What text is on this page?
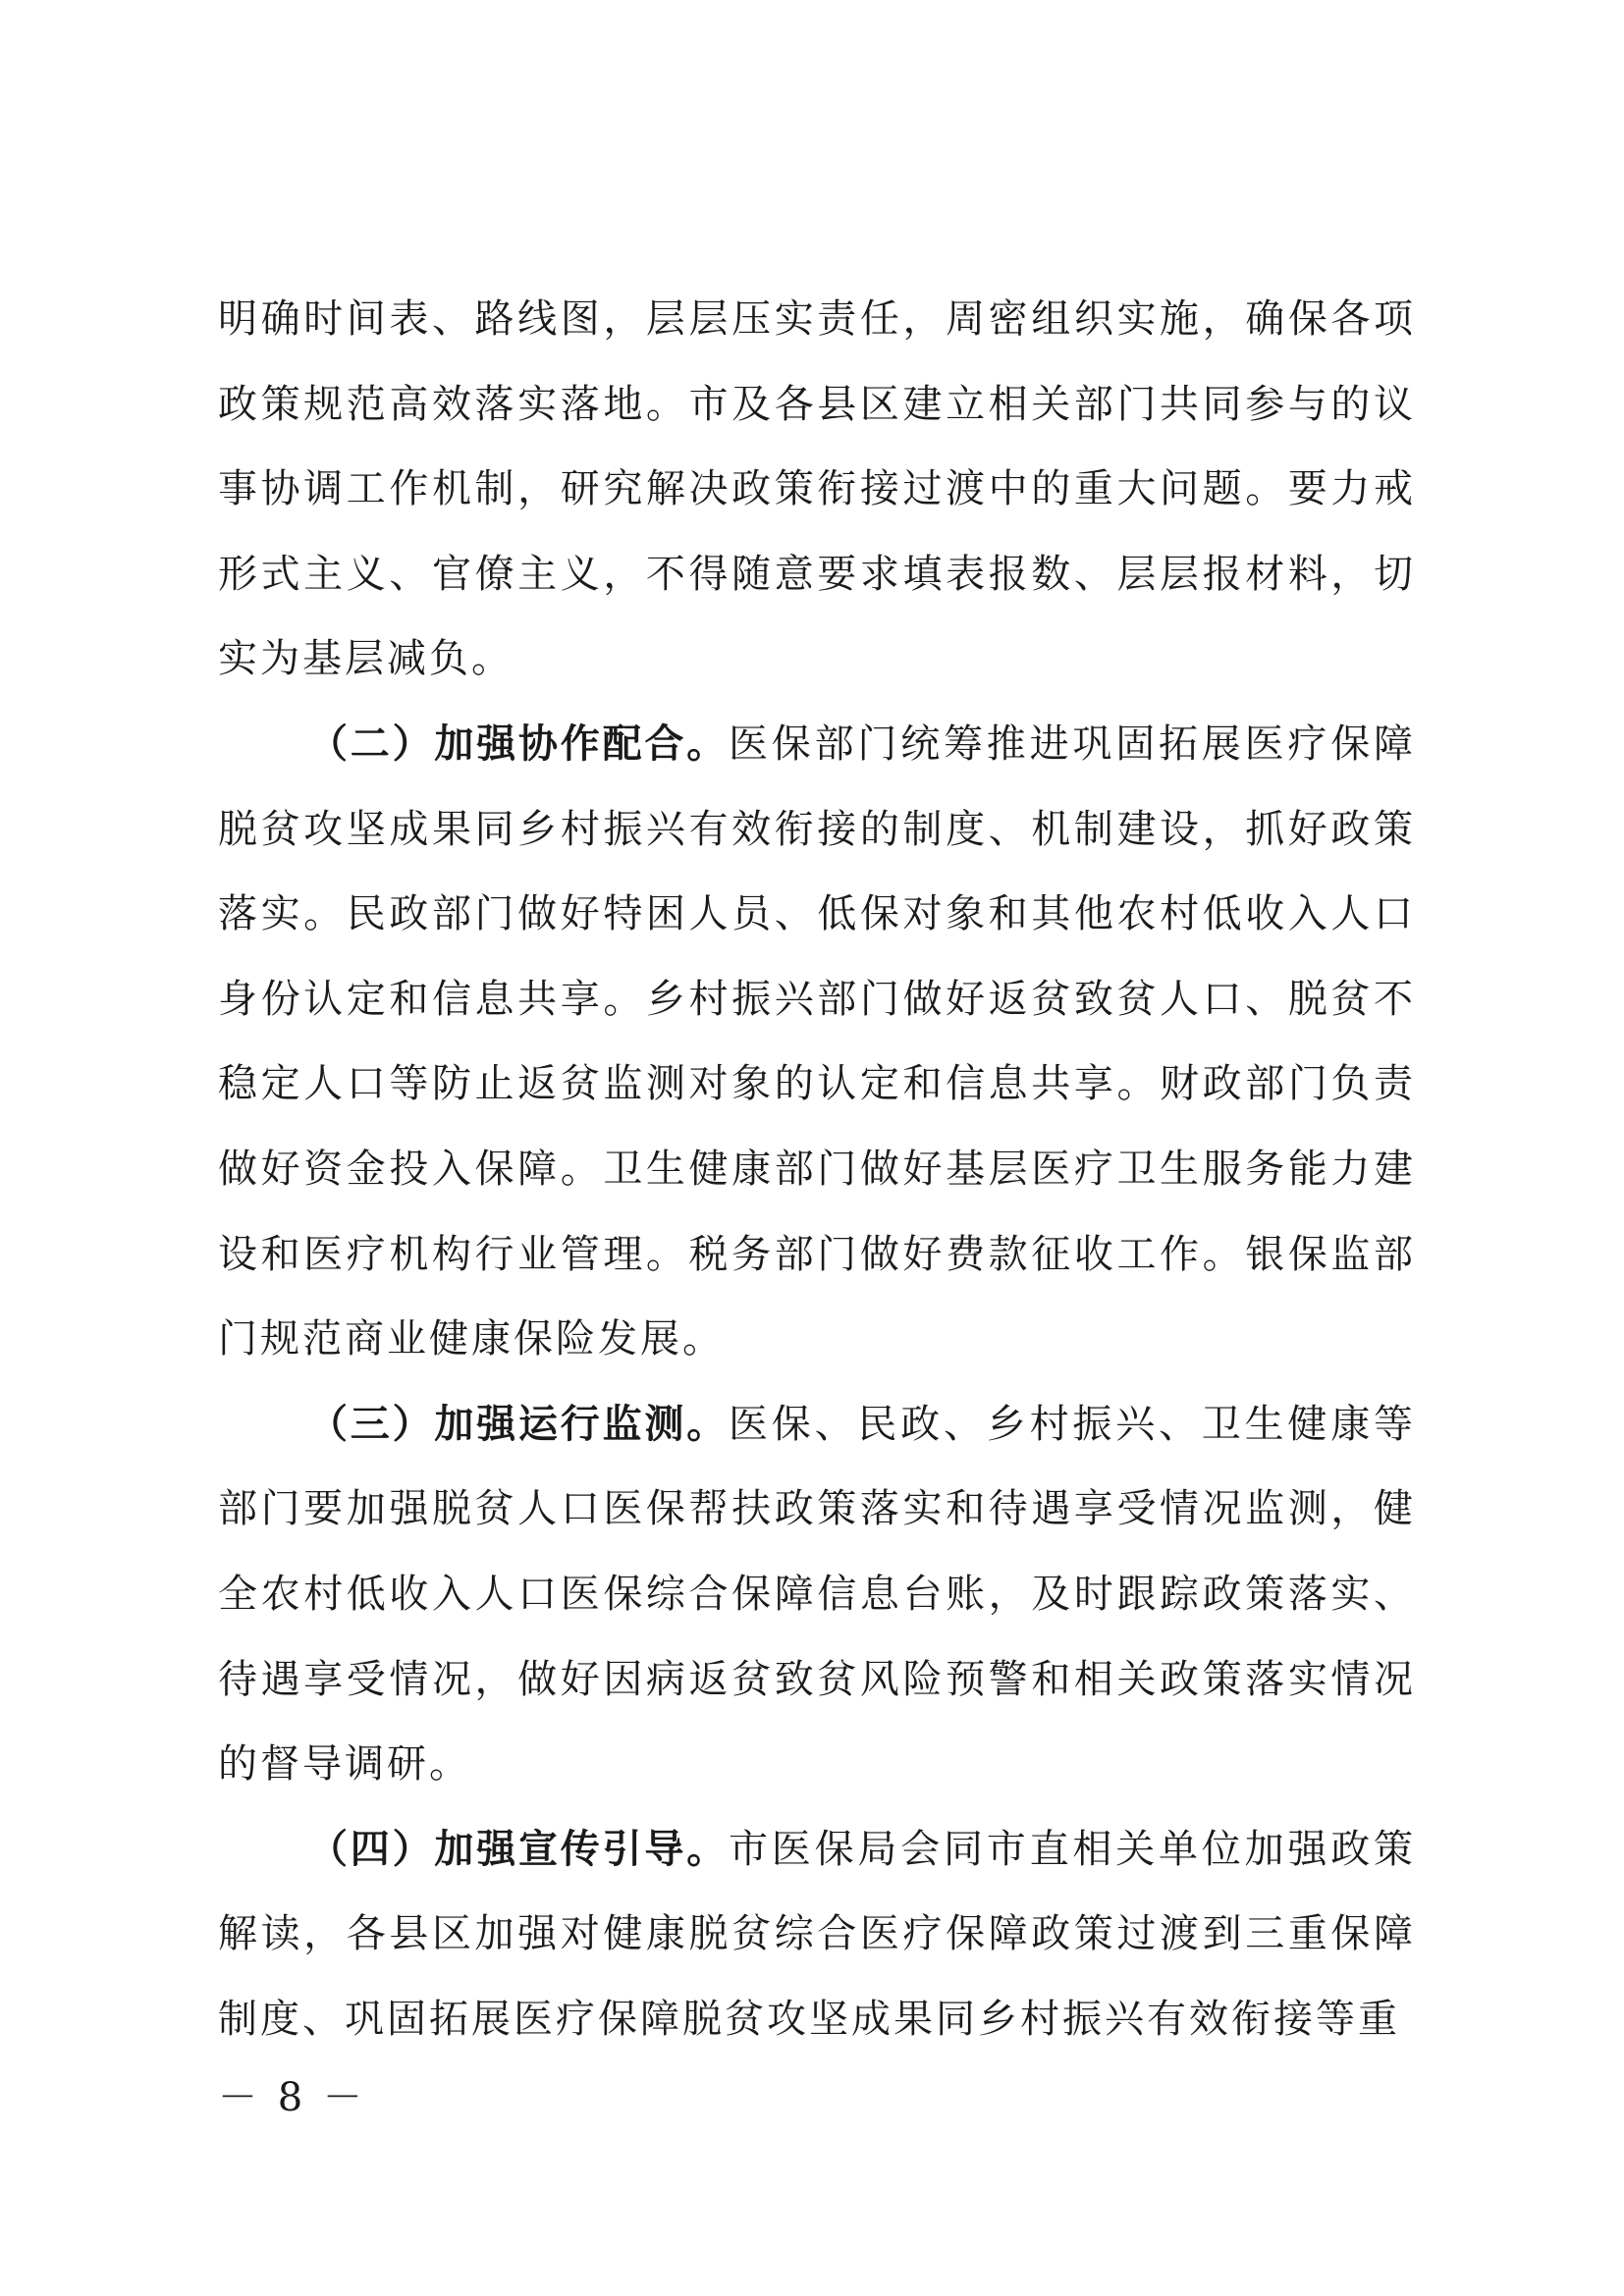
明确时间表、路线图，层层压实责任，周密组织实施，确保各项政策规范高效落实落地。市及各县区建立相关部门共同参与的议事协调工作机制，研究解决政策衔接过渡中的重大问题。要力戒形式主义、官僚主义，不得随意要求填表报数、层层报材料，切实为基层减负。

（二）加强协作配合。医保部门统筹推进巩固拓展医疗保障脱贫攻坚成果同乡村振兴有效衔接的制度、机制建设，抓好政策落实。民政部门做好特困人员、低保对象和其他农村低收入人口身份认定和信息共享。乡村振兴部门做好返贫致贫人口、脱贫不稳定人口等防止返贫监测对象的认定和信息共享。财政部门负责做好资金投入保障。卫生健康部门做好基层医疗卫生服务能力建设和医疗机构行业管理。税务部门做好费款征收工作。银保监部门规范商业健康保险发展。

（三）加强运行监测。医保、民政、乡村振兴、卫生健康等部门要加强脱贫人口医保帮扶政策落实和待遇享受情况监测，健全农村低收入人口医保综合保障信息台账，及时跟踪政策落实、待遇享受情况，做好因病返贫致贫风险预警和相关政策落实情况的督导调研。

（四）加强宣传引导。市医保局会同市直相关单位加强政策解读，各县区加强对健康脱贫综合医疗保障政策过渡到三重保障制度、巩固拓展医疗保障脱贫攻坚成果同乡村振兴有效衔接等重

－ 8 －
